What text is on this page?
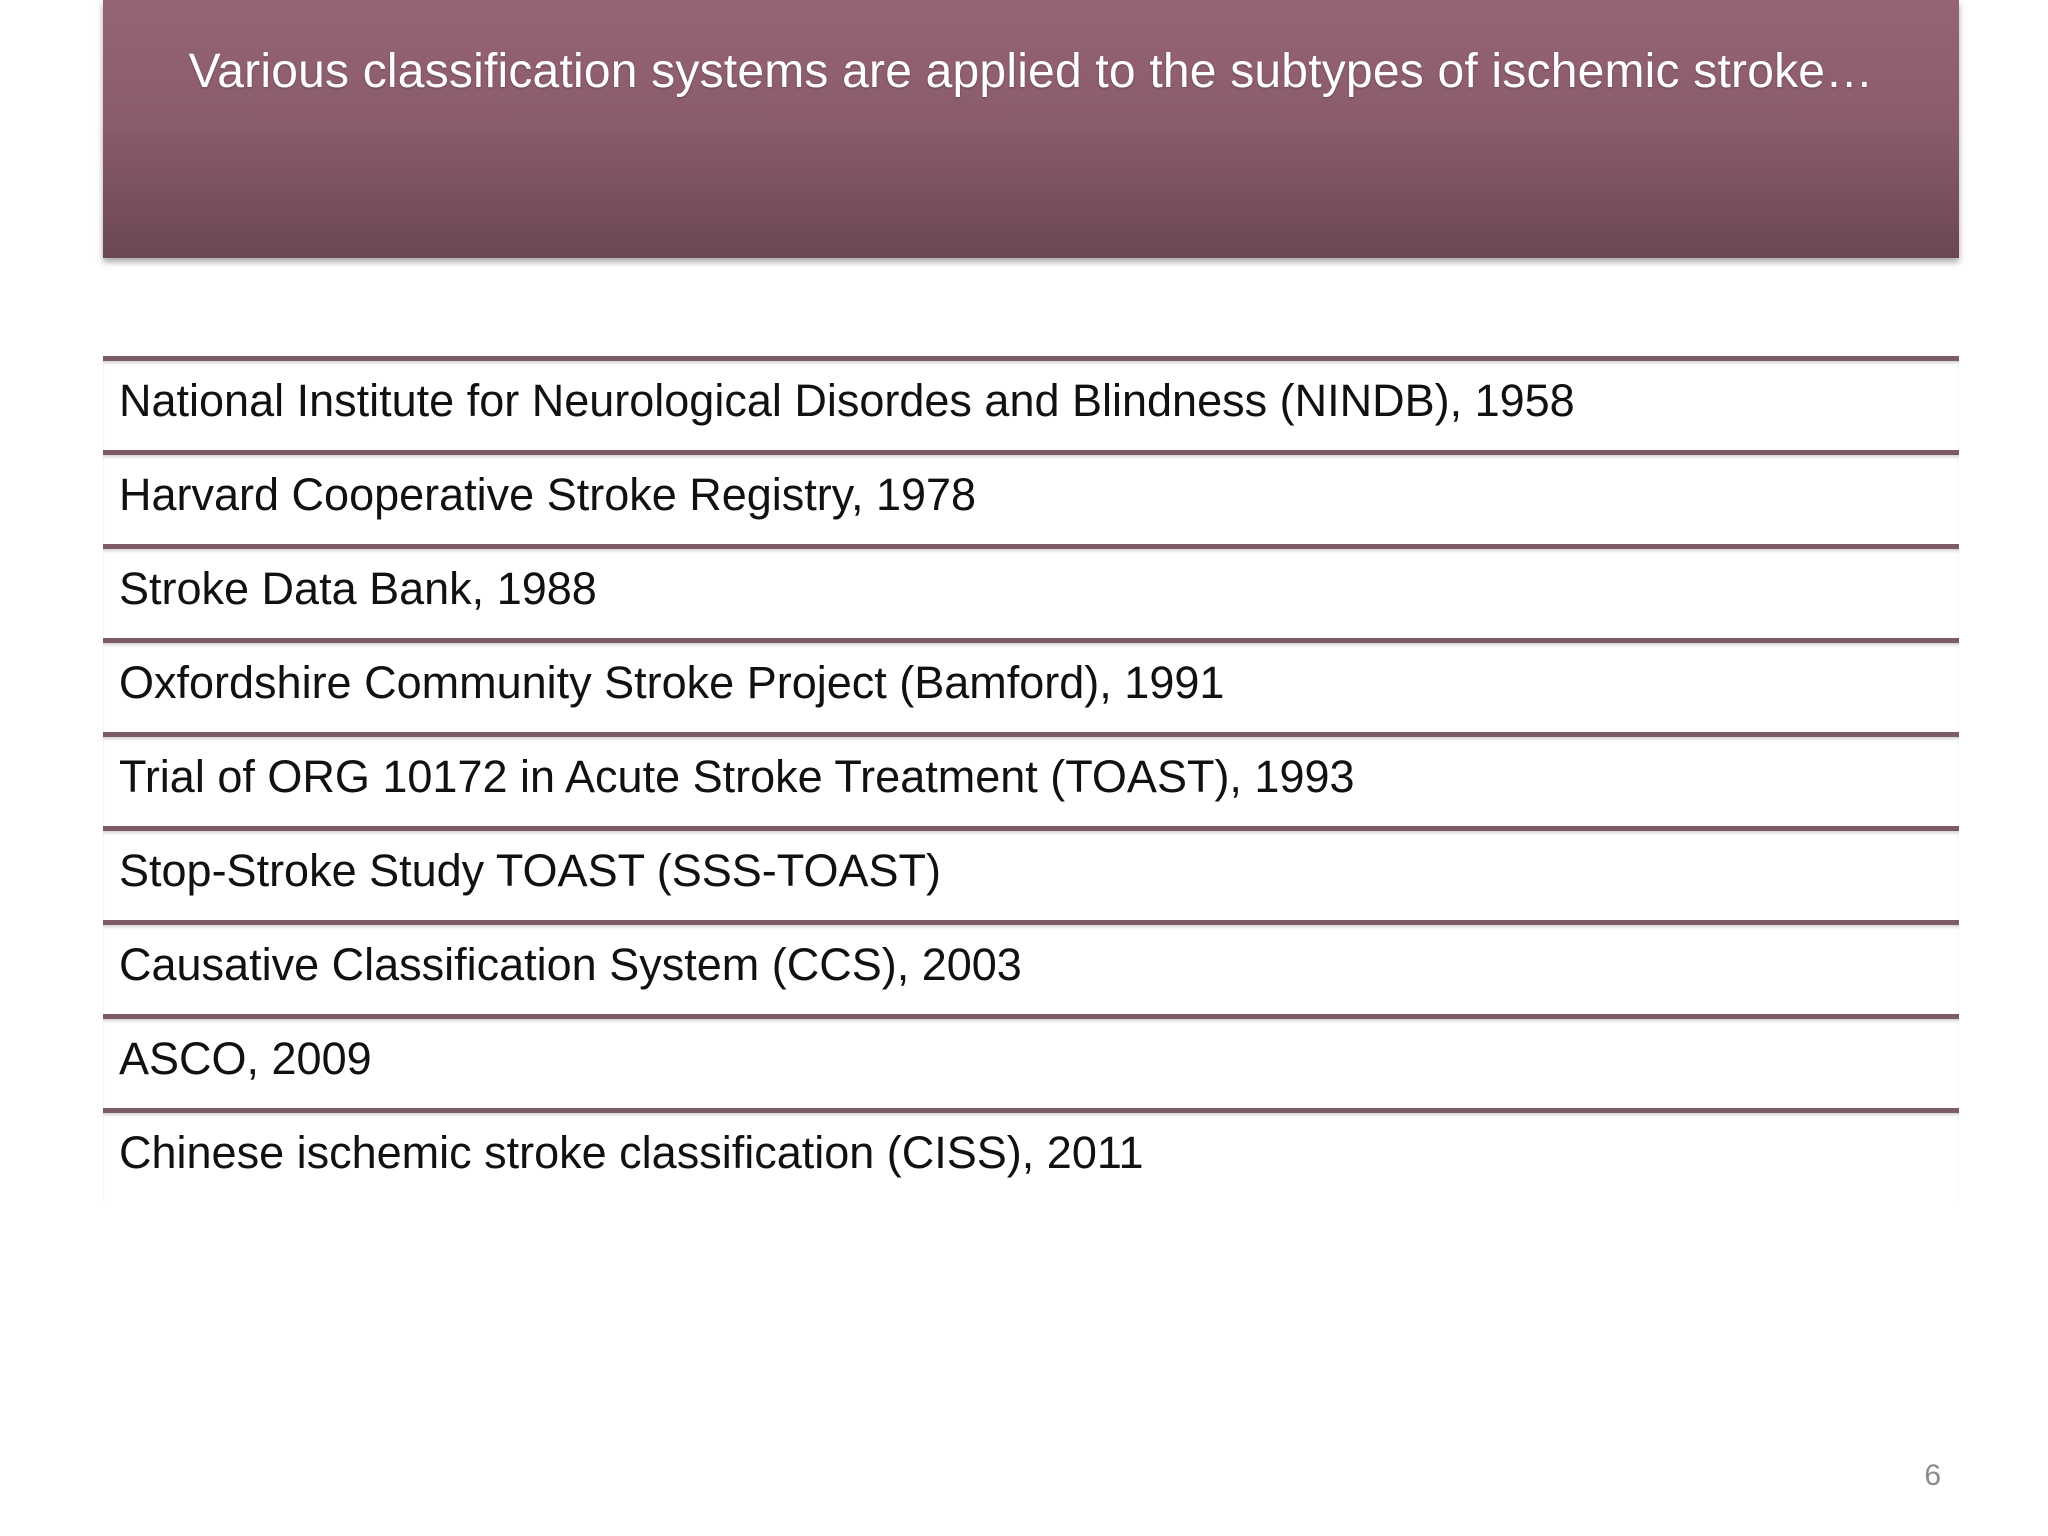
Various classification systems are applied to the subtypes of ischemic stroke…
National Institute for Neurological Disordes and Blindness (NINDB), 1958
Harvard Cooperative Stroke Registry, 1978
Stroke Data Bank, 1988
Oxfordshire Community Stroke Project (Bamford), 1991
Trial of ORG 10172 in Acute Stroke Treatment (TOAST), 1993
Stop-Stroke Study TOAST (SSS-TOAST)
Causative Classification System (CCS), 2003
ASCO, 2009
Chinese ischemic stroke classification (CISS), 2011
6
